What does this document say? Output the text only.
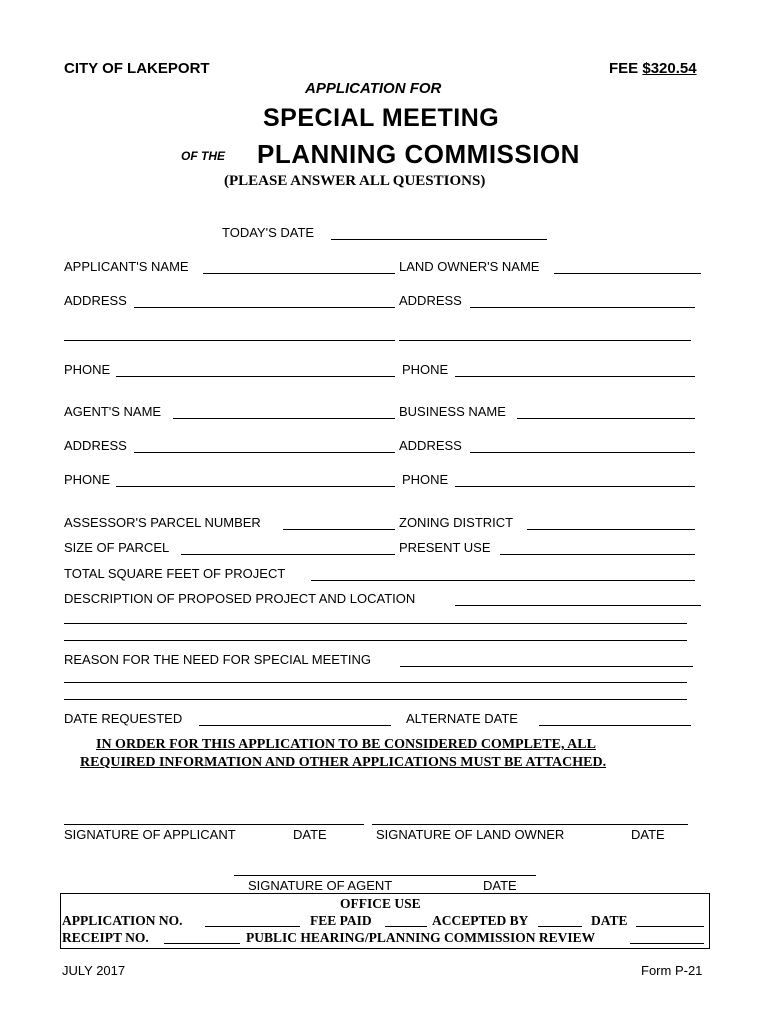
CITY OF LAKEPORT	FEE $320.54
APPLICATION FOR
SPECIAL MEETING
OF THE PLANNING COMMISSION
(PLEASE ANSWER ALL QUESTIONS)
TODAY'S DATE
APPLICANT'S NAME	LAND OWNER'S NAME
ADDRESS	ADDRESS
PHONE	PHONE
AGENT'S NAME	BUSINESS NAME
ADDRESS	ADDRESS
PHONE	PHONE
ASSESSOR'S PARCEL NUMBER	ZONING DISTRICT
SIZE OF PARCEL	PRESENT USE
TOTAL SQUARE FEET OF PROJECT
DESCRIPTION OF PROPOSED PROJECT AND LOCATION
REASON FOR THE NEED FOR SPECIAL MEETING
DATE REQUESTED	ALTERNATE DATE
IN ORDER FOR THIS APPLICATION TO BE CONSIDERED COMPLETE, ALL
REQUIRED INFORMATION AND OTHER APPLICATIONS MUST BE ATTACHED.
SIGNATURE OF APPLICANT	DATE	SIGNATURE OF LAND OWNER	DATE
SIGNATURE OF AGENT	DATE
OFFICE USE
APPLICATION NO.	FEE PAID	ACCEPTED BY	DATE
RECEIPT NO.	PUBLIC HEARING/PLANNING COMMISSION REVIEW
JULY 2017	Form P-21
